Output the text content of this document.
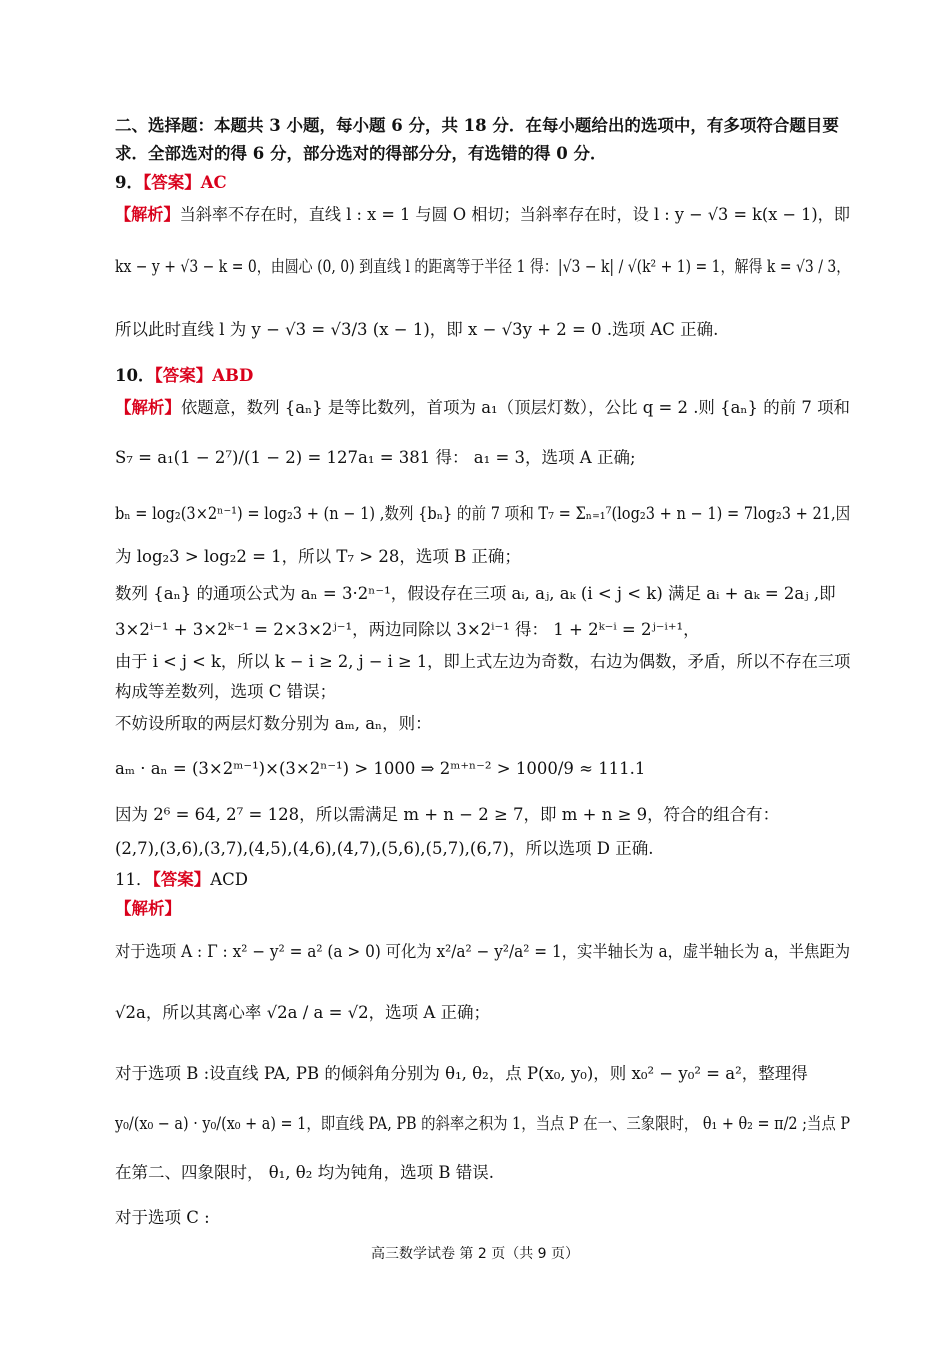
二、选择题：本题共 3 小题，每小题 6 分，共 18 分．在每小题给出的选项中，有多项符合题目要
求．全部选对的得 6 分，部分选对的得部分分，有选错的得 0 分．
9．【答案】AC
【解析】当斜率不存在时，直线 l : x = 1 与圆 O 相切；当斜率存在时，设 l : y − √3 = k(x − 1)，即
kx − y + √3 − k = 0，由圆心 (0, 0) 到直线 l 的距离等于半径 1 得：|√3 − k| / √(k² + 1) = 1，解得 k = √3 / 3，
所以此时直线 l 为 y − √3 = √3/3 (x − 1)，即 x − √3y + 2 = 0 .选项 AC 正确.
10．【答案】ABD
【解析】依题意，数列 {aₙ} 是等比数列，首项为 a₁（顶层灯数），公比 q = 2 .则 {aₙ} 的前 7 项和
S₇ = a₁(1 − 2⁷)/(1 − 2) = 127a₁ = 381 得： a₁ = 3，选项 A 正确;
bₙ = log₂(3×2ⁿ⁻¹) = log₂3 + (n − 1) ,数列 {bₙ} 的前 7 项和 T₇ = Σₙ₌₁⁷(log₂3 + n − 1) = 7log₂3 + 21,因
为 log₂3 > log₂2 = 1，所以 T₇ > 28，选项 B 正确；
数列 {aₙ} 的通项公式为 aₙ = 3·2ⁿ⁻¹，假设存在三项 aᵢ, aⱼ, aₖ (i < j < k) 满足 aᵢ + aₖ = 2aⱼ ,即
3×2ⁱ⁻¹ + 3×2ᵏ⁻¹ = 2×3×2ʲ⁻¹，两边同除以 3×2ⁱ⁻¹ 得： 1 + 2ᵏ⁻ⁱ = 2ʲ⁻ⁱ⁺¹，
由于 i < j < k，所以 k − i ≥ 2, j − i ≥ 1，即上式左边为奇数，右边为偶数，矛盾，所以不存在三项
构成等差数列，选项 C 错误；
不妨设所取的两层灯数分别为 aₘ, aₙ，则：
aₘ · aₙ = (3×2ᵐ⁻¹)×(3×2ⁿ⁻¹) > 1000 ⇒ 2ᵐ⁺ⁿ⁻² > 1000/9 ≈ 111.1
因为 2⁶ = 64, 2⁷ = 128，所以需满足 m + n − 2 ≥ 7，即 m + n ≥ 9，符合的组合有：
(2,7),(3,6),(3,7),(4,5),(4,6),(4,7),(5,6),(5,7),(6,7)，所以选项 D 正确.
11．【答案】ACD
【解析】
对于选项 A : Γ : x² − y² = a² (a > 0) 可化为 x²/a² − y²/a² = 1，实半轴长为 a，虚半轴长为 a，半焦距为
√2a，所以其离心率 √2a / a = √2，选项 A 正确；
对于选项 B :设直线 PA, PB 的倾斜角分别为 θ₁, θ₂，点 P(x₀, y₀)，则 x₀² − y₀² = a²，整理得
y₀/(x₀ − a) · y₀/(x₀ + a) = 1，即直线 PA, PB 的斜率之积为 1，当点 P 在一、三象限时， θ₁ + θ₂ = π/2 ;当点 P
在第二、四象限时， θ₁, θ₂ 均为钝角，选项 B 错误.
对于选项 C :
高三数学试卷 第 2 页（共 9 页）
